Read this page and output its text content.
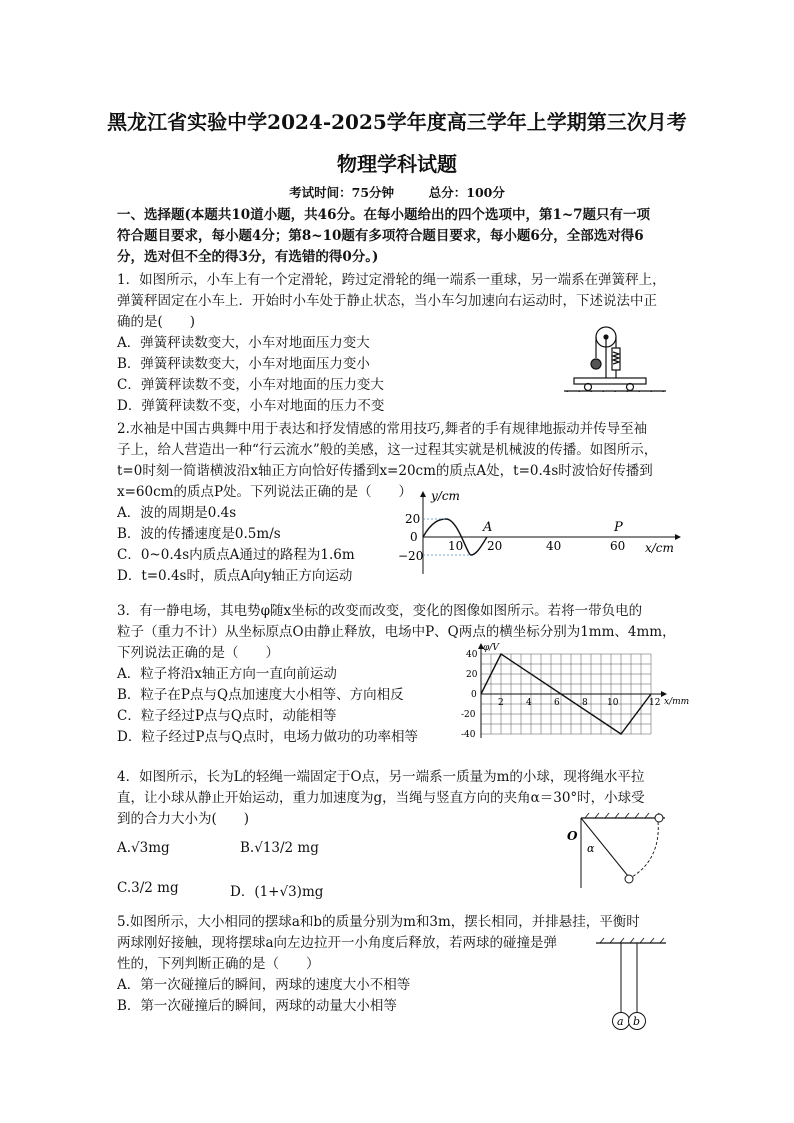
黑龙江省实验中学2024-2025学年度高三学年上学期第三次月考
物理学科试题
考试时间：75分钟	总分：100分
一、选择题(本题共10道小题，共46分。在每小题给出的四个选项中，第1~7题只有一项
符合题目要求，每小题4分；第8~10题有多项符合题目要求，每小题6分，全部选对得6
分，选对但不全的得3分，有选错的得0分。)
1．如图所示，小车上有一个定滑轮，跨过定滑轮的绳一端系一重球，另一端系在弹簧秤上，
弹簧秤固定在小车上．开始时小车处于静止状态，当小车匀加速向右运动时，下述说法中正
确的是(　　)
A．弹簧秤读数变大，小车对地面压力变大
B．弹簧秤读数变大，小车对地面压力变小
C．弹簧秤读数不变，小车对地面的压力变大
D．弹簧秤读数不变，小车对地面的压力不变
2.水袖是中国古典舞中用于表达和抒发情感的常用技巧,舞者的手有规律地振动并传导至袖
子上，给人营造出一种“行云流水”般的美感，这一过程其实就是机械波的传播。如图所示，
t=0时刻一简谐横波沿x轴正方向恰好传播到x=20cm的质点A处，t=0.4s时波恰好传播到
x=60cm的质点P处。下列说法正确的是（　　）
A．波的周期是0.4s
B．波的传播速度是0.5m/s
C．0~0.4s内质点A通过的路程为1.6m
D．t=0.4s时，质点A向y轴正方向运动
y/cm
x/cm
20
0
−20
10 20	40	60
A	P
3．有一静电场，其电势φ随x坐标的改变而改变，变化的图像如图所示。若将一带负电的
粒子（重力不计）从坐标原点O由静止释放，电场中P、Q两点的横坐标分别为1mm、4mm，
下列说法正确的是（　　）
A．粒子将沿x轴正方向一直向前运动
B．粒子在P点与Q点加速度大小相等、方向相反
C．粒子经过P点与Q点时，动能相等
D．粒子经过P点与Q点时，电场力做功的功率相等
φ/V
x/mm
40
20
0
-20
-40
2 4 6 8 10	12
4．如图所示，长为L的轻绳一端固定于O点，另一端系一质量为m的小球，现将绳水平拉
直，让小球从静止开始运动，重力加速度为g，当绳与竖直方向的夹角α＝30°时，小球受
到的合力大小为(　　)
A.√3mg	B.√13/2 mg
C.3/2 mg	D．(1+√3)mg
O
α
5.如图所示，大小相同的摆球a和b的质量分别为m和3m，摆长相同，并排悬挂，平衡时
两球刚好接触，现将摆球a向左边拉开一小角度后释放，若两球的碰撞是弹
性的，下列判断正确的是（　　）
A．第一次碰撞后的瞬间，两球的速度大小不相等
B．第一次碰撞后的瞬间，两球的动量大小相等
a b
